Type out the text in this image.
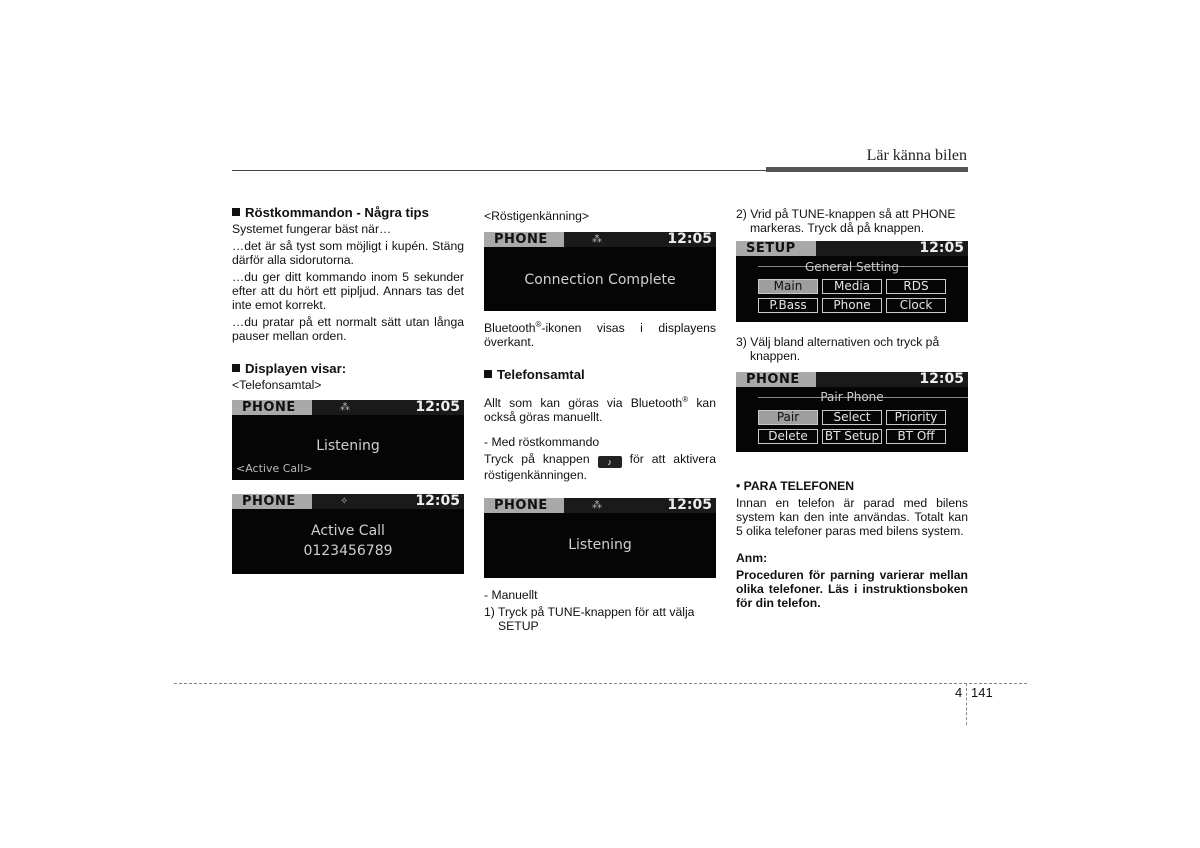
Lär känna bilen
Röstkommandon - Några tips

Systemet fungerar bäst när…

…det är så tyst som möjligt i kupén. Stäng därför alla sidorutorna.

…du ger ditt kommando inom 5 sekunder efter att du hört ett pipljud. Annars tas det inte emot korrekt.

…du pratar på ett normalt sätt utan långa pauser mellan orden.

Displayen visar:

<Telefonsamtal>

PHONE	⁂	12:05
Listening
<Active Call>
PHONE	✧	12:05
Active Call
0123456789

<Röstigenkänning>

PHONE	⁂	12:05
Connection Complete

Bluetooth®-ikonen visas i displayens överkant.

Telefonsamtal

Allt som kan göras via Bluetooth® kan också göras manuellt.

- Med röstkommando

Tryck på knappen ♪ för att aktivera röstigenkänningen.

PHONE	⁂	12:05
Listening

- Manuellt

1) Tryck på TUNE-knappen för att välja SETUP

2) Vrid på TUNE-knappen så att PHONE markeras. Tryck då på knappen.

SETUP	12:05
General Setting
Main	Media	RDS
P.Bass	Phone	Clock

3) Välj bland alternativen och tryck på knappen.

PHONE	12:05
Pair Phone
Pair	Select	Priority
Delete	BT Setup	BT Off

• PARA TELEFONEN

Innan en telefon är parad med bilens system kan den inte användas. Totalt kan 5 olika telefoner paras med bilens system.

Anm:

Proceduren för parning varierar mellan olika telefoner. Läs i instruktionsboken för din telefon.

4 141
